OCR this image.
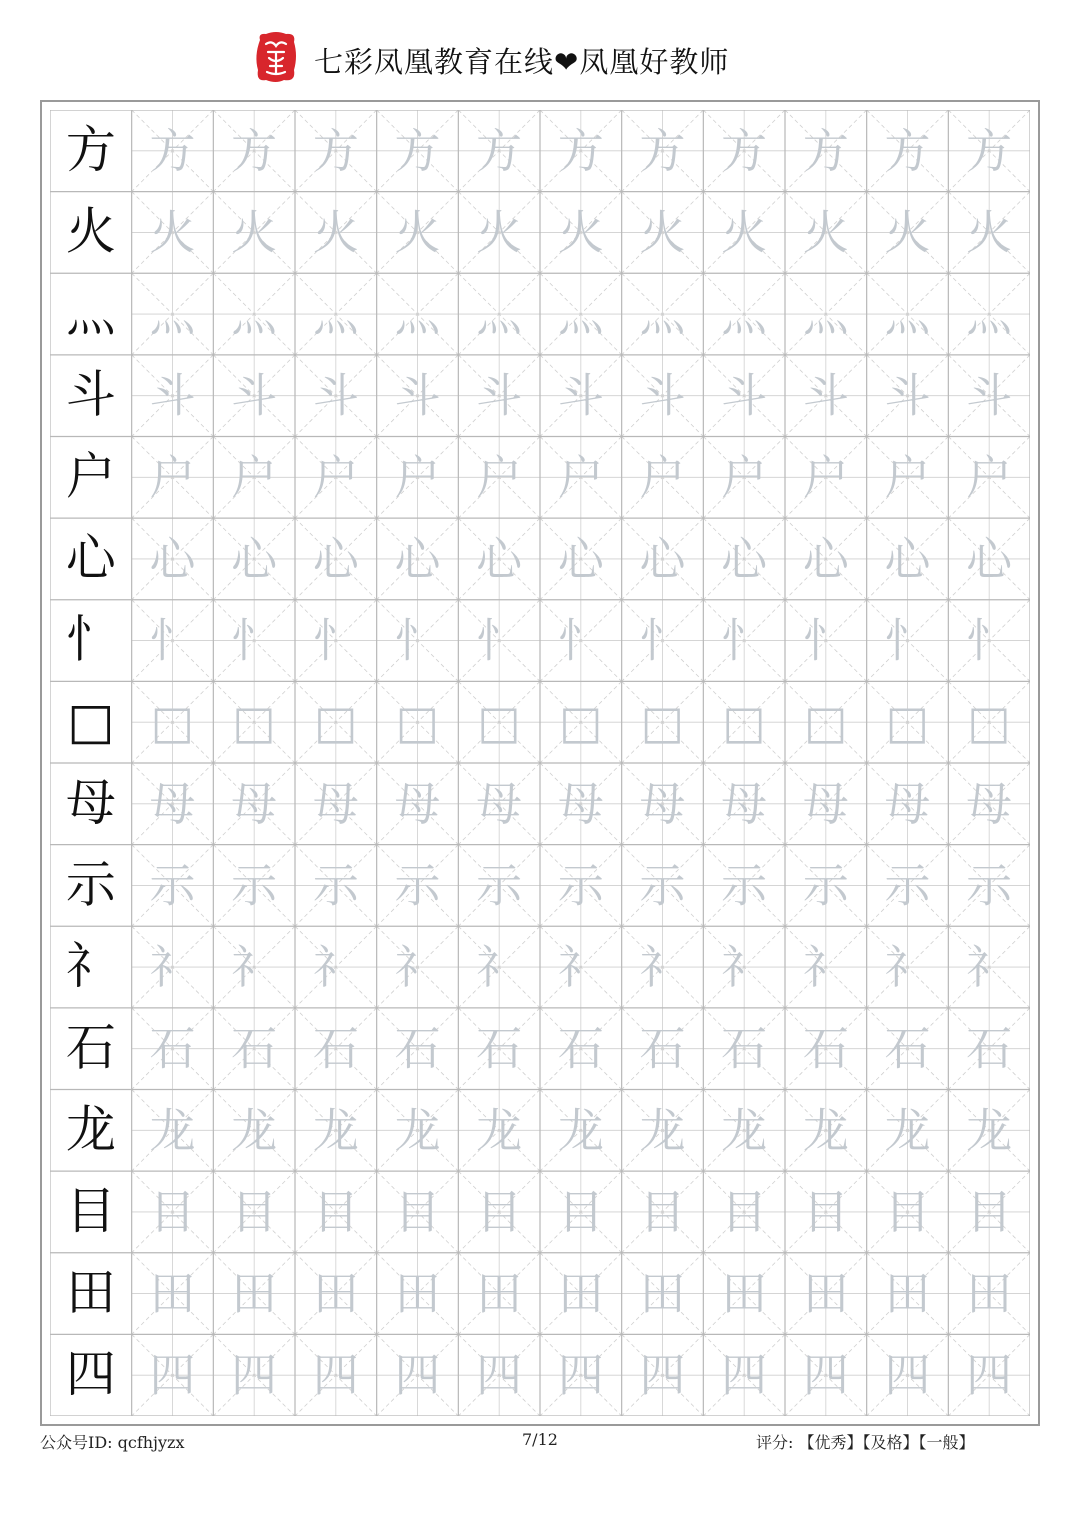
七彩凤凰教育在线❤凤凰好教师
方 方 方 方 方 方 方 方 方 方 方 方
火 火 火 火 火 火 火 火 火 火 火 火
灬 灬 灬 灬 灬 灬 灬 灬 灬 灬 灬 灬
斗 斗 斗 斗 斗 斗 斗 斗 斗 斗 斗 斗
户 户 户 户 户 户 户 户 户 户 户 户
心 心 心 心 心 心 心 心 心 心 心 心
忄 忄 忄 忄 忄 忄 忄 忄 忄 忄 忄 忄
□ □ □ □ □ □ □ □ □ □ □ □
母 母 母 母 母 母 母 母 母 母 母 母
示 示 示 示 示 示 示 示 示 示 示 示
礻 礻 礻 礻 礻 礻 礻 礻 礻 礻 礻 礻
石 石 石 石 石 石 石 石 石 石 石 石
龙 龙 龙 龙 龙 龙 龙 龙 龙 龙 龙 龙
目 目 目 目 目 目 目 目 目 目 目 目
田 田 田 田 田 田 田 田 田 田 田 田
四 四 四 四 四 四 四 四 四 四 四 四
公众号ID: qcfhjyzx	7/12	评分: 【优秀】【及格】【一般】
